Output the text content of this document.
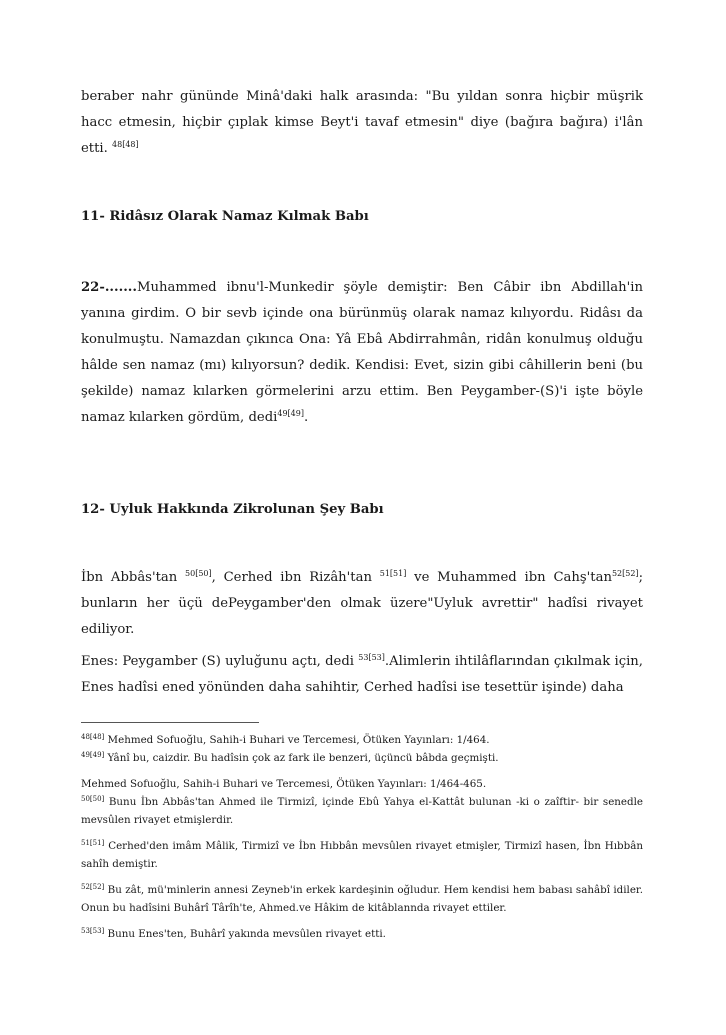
beraber nahr gününde Minâ'daki halk arasında: "Bu yıldan sonra hiçbir müşrik hacc etmesin, hiçbir çıplak kimse Beyt'i tavaf etmesin" diye (bağıra bağıra) i'lân etti. $^{48[48]}$

11- Ridâsız Olarak Namaz Kılmak Babı

22-.......Muhammed ibnu'l-Munkedir şöyle demiştir: Ben Câbir ibn Abdillah'in yanına girdim. O bir sevb içinde ona bürünmüş olarak namaz kılıyordu. Ridâsı da konulmuştu. Namazdan çıkınca Ona: Yâ Ebâ Abdirrahmân, ridân konulmuş olduğu hâlde sen namaz (mı) kılıyorsun? dedik. Kendisi: Evet, sizin gibi câhillerin beni (bu şekilde) namaz kılarken görmelerini arzu ettim. Ben Peygamber-(S)'i işte böyle namaz kılarken gördüm, dedi$^{49[49]}$.

12- Uyluk Hakkında Zikrolunan Şey Babı

İbn Abbâs'tan $^{50[50]}$, Cerhed ibn Rizâh'tan $^{51[51]}$ ve Muhammed ibn $Cahş'\tan^{52[52]}$; bunların her üçü dePeygamber'den olmak üzere"Uyluk avrettir" hadîsi rivayet ediliyor.

Enes: Peygamber (S) uyluğunu açtı, dedi $^{53[53]}$.Alimlerin ihtilâflarından çıkılmak için, Enes hadîsi ened yönünden daha sahihtir, Cerhed hadîsi ise tesettür işinde) daha

$^{48[48]}$ Mehmed Sofuoğlu, Sahih-i Buhari ve Tercemesi, Ötüken Yayınları: 1/464.

$^{49[49]}$ Yânî bu, caizdir. Bu hadîsin çok az fark ile benzeri, üçüncü bâbda geçmişti.

Mehmed Sofuoğlu, Sahih-i Buhari ve Tercemesi, Ötüken Yayınları: 1/464-465.

$^{50[50]}$ Bunu İbn Abbâs'tan Ahmed ile Tirmizî, içinde Ebû Yahya el-Kattât bulunan -ki o zaîftir- bir senedle mevsûlen rivayet etmişlerdir.

$^{51[51]}$ Cerhed'den imâm Mâlik, Tirmizî ve İbn Hıbbân mevsûlen rivayet etmişler, Tirmizî hasen, İbn Hıbbân sahîh demiştir.

$^{52[52]}$ Bu zât, mü'minlerin annesi Zeyneb'in erkek kardeşinin oğludur. Hem kendisi hem babası sahâbî idiler. Onun bu hadîsini Buhârî Târîh'te, Ahmed.ve Hâkim de kitâblannda rivayet ettiler.

$^{53[53]}$ Bunu Enes'ten, Buhârî yakında mevsûlen rivayet etti.
